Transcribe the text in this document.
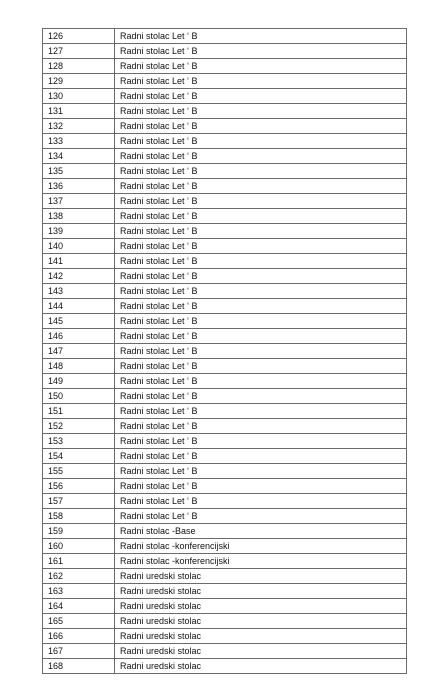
126	Radni stolac Let ‘ B
127	Radni stolac Let ‘ B
128	Radni stolac Let ‘ B
129	Radni stolac Let ‘ B
130	Radni stolac Let ‘ B
131	Radni stolac Let ‘ B
132	Radni stolac Let ‘ B
133	Radni stolac Let ‘ B
134	Radni stolac Let ‘ B
135	Radni stolac Let ‘ B
136	Radni stolac Let ‘ B
137	Radni stolac Let ‘ B
138	Radni stolac Let ‘ B
139	Radni stolac Let ‘ B
140	Radni stolac Let ‘ B
141	Radni stolac Let ‘ B
142	Radni stolac Let ‘ B
143	Radni stolac Let ‘ B
144	Radni stolac Let ‘ B
145	Radni stolac Let ‘ B
146	Radni stolac Let ‘ B
147	Radni stolac Let ‘ B
148	Radni stolac Let ‘ B
149	Radni stolac Let ‘ B
150	Radni stolac Let ‘ B
151	Radni stolac Let ‘ B
152	Radni stolac Let ‘ B
153	Radni stolac Let ‘ B
154	Radni stolac Let ‘ B
155	Radni stolac Let ‘ B
156	Radni stolac Let ‘ B
157	Radni stolac Let ‘ B
158	Radni stolac Let ‘ B
159	Radni stolac -Base
160	Radni stolac -konferencijski
161	Radni stolac -konferencijski
162	Radni uredski stolac
163	Radni uredski stolac
164	Radni uredski stolac
165	Radni uredski stolac
166	Radni uredski stolac
167	Radni uredski stolac
168	Radni uredski stolac
